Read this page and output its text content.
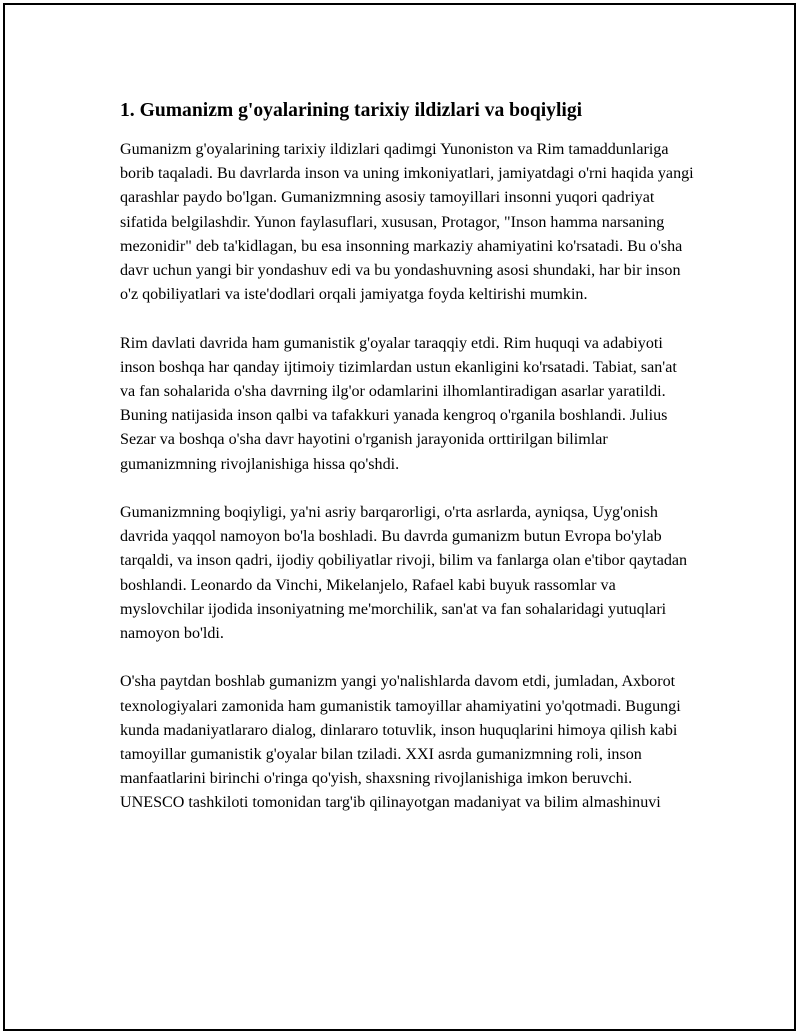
1. Gumanizm g'oyalarining tarixiy ildizlari va boqiyligi

Gumanizm g'oyalarining tarixiy ildizlari qadimgi Yunoniston va Rim tamaddunlariga borib taqaladi. Bu davrlarda inson va uning imkoniyatlari, jamiyatdagi o'rni haqida yangi qarashlar paydo bo'lgan. Gumanizmning asosiy tamoyillari insonni yuqori qadriyat sifatida belgilashdir. Yunon faylasuflari, xususan, Protagor, "Inson hamma narsaning mezonidir" deb ta'kidlagan, bu esa insonning markaziy ahamiyatini ko'rsatadi. Bu o'sha davr uchun yangi bir yondashuv edi va bu yondashuvning asosi shundaki, har bir inson o'z qobiliyatlari va iste'dodlari orqali jamiyatga foyda keltirishi mumkin.

Rim davlati davrida ham gumanistik g'oyalar taraqqiy etdi. Rim huquqi va adabiyoti inson boshqa har qanday ijtimoiy tizimlardan ustun ekanligini ko'rsatadi. Tabiat, san'at va fan sohalarida o'sha davrning ilg'or odamlarini ilhomlantiradigan asarlar yaratildi. Buning natijasida inson qalbi va tafakkuri yanada kengroq o'rganila boshlandi. Julius Sezar va boshqa o'sha davr hayotini o'rganish jarayonida orttirilgan bilimlar gumanizmning rivojlanishiga hissa qo'shdi.

Gumanizmning boqiyligi, ya'ni asriy barqarorligi, o'rta asrlarda, ayniqsa, Uyg'onish davrida yaqqol namoyon bo'la boshladi. Bu davrda gumanizm butun Evropa bo'ylab tarqaldi, va inson qadri, ijodiy qobiliyatlar rivoji, bilim va fanlarga olan e'tibor qaytadan boshlandi. Leonardo da Vinchi, Mikelanjelo, Rafael kabi buyuk rassomlar va myslovchilar ijodida insoniyatning me'morchilik, san'at va fan sohalaridagi yutuqlari namoyon bo'ldi.

O'sha paytdan boshlab gumanizm yangi yo'nalishlarda davom etdi, jumladan, Axborot texnologiyalari zamonida ham gumanistik tamoyillar ahamiyatini yo'qotmadi. Bugungi kunda madaniyatlararo dialog, dinlararo totuvlik, inson huquqlarini himoya qilish kabi tamoyillar gumanistik g'oyalar bilan tziladi. XXI asrda gumanizmning roli, inson manfaatlarini birinchi o'ringa qo'yish, shaxsning rivojlanishiga imkon beruvchi. UNESCO tashkiloti tomonidan targ'ib qilinayotgan madaniyat va bilim almashinuvi
